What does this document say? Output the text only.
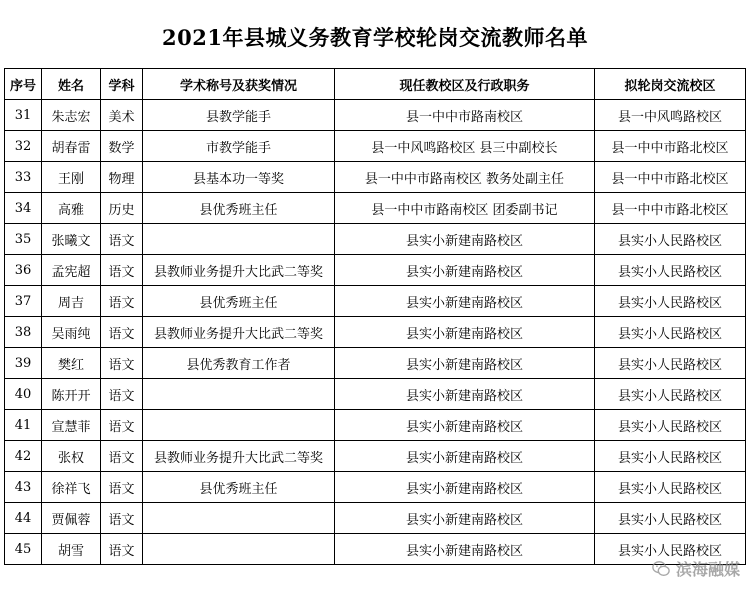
2021年县城义务教育学校轮岗交流教师名单
序号	姓名	学科	学术称号及获奖情况	现任教校区及行政职务	拟轮岗交流校区
31	朱志宏	美术	县教学能手	县一中中市路南校区	县一中风鸣路校区
32	胡春雷	数学	市教学能手	县一中风鸣路校区 县三中副校长	县一中中市路北校区
33	王刚	物理	县基本功一等奖	县一中中市路南校区 教务处副主任	县一中中市路北校区
34	高雅	历史	县优秀班主任	县一中中市路南校区 团委副书记	县一中中市路北校区
35	张曦文	语文		县实小新建南路校区	县实小人民路校区
36	孟宪超	语文	县教师业务提升大比武二等奖	县实小新建南路校区	县实小人民路校区
37	周吉	语文	县优秀班主任	县实小新建南路校区	县实小人民路校区
38	吴雨纯	语文	县教师业务提升大比武二等奖	县实小新建南路校区	县实小人民路校区
39	樊红	语文	县优秀教育工作者	县实小新建南路校区	县实小人民路校区
40	陈开开	语文		县实小新建南路校区	县实小人民路校区
41	宣慧菲	语文		县实小新建南路校区	县实小人民路校区
42	张权	语文	县教师业务提升大比武二等奖	县实小新建南路校区	县实小人民路校区
43	徐祥飞	语文	县优秀班主任	县实小新建南路校区	县实小人民路校区
44	贾佩蓉	语文		县实小新建南路校区	县实小人民路校区
45	胡雪	语文		县实小新建南路校区	县实小人民路校区
滨海融媒
